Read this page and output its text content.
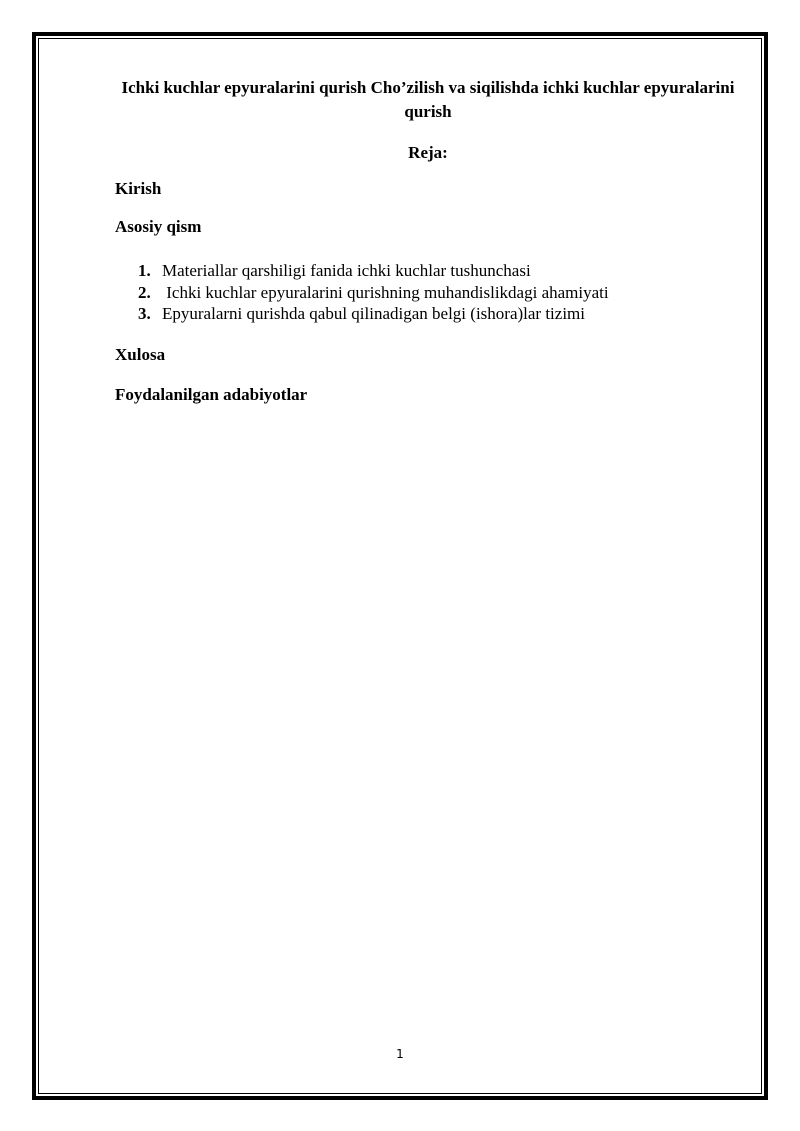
Ichki kuchlar epyuralarini qurish Cho’zilish va siqilishda ichki kuchlar epyuralarini qurish
Reja:
Kirish
Asosiy qism
1. Materiallar qarshiligi fanida ichki kuchlar tushunchasi
2. Ichki kuchlar epyuralarini qurishning muhandislikdagi ahamiyati
3. Epyuralarni qurishda qabul qilinadigan belgi (ishora)lar tizimi
Xulosa
Foydalanilgan adabiyotlar
1
